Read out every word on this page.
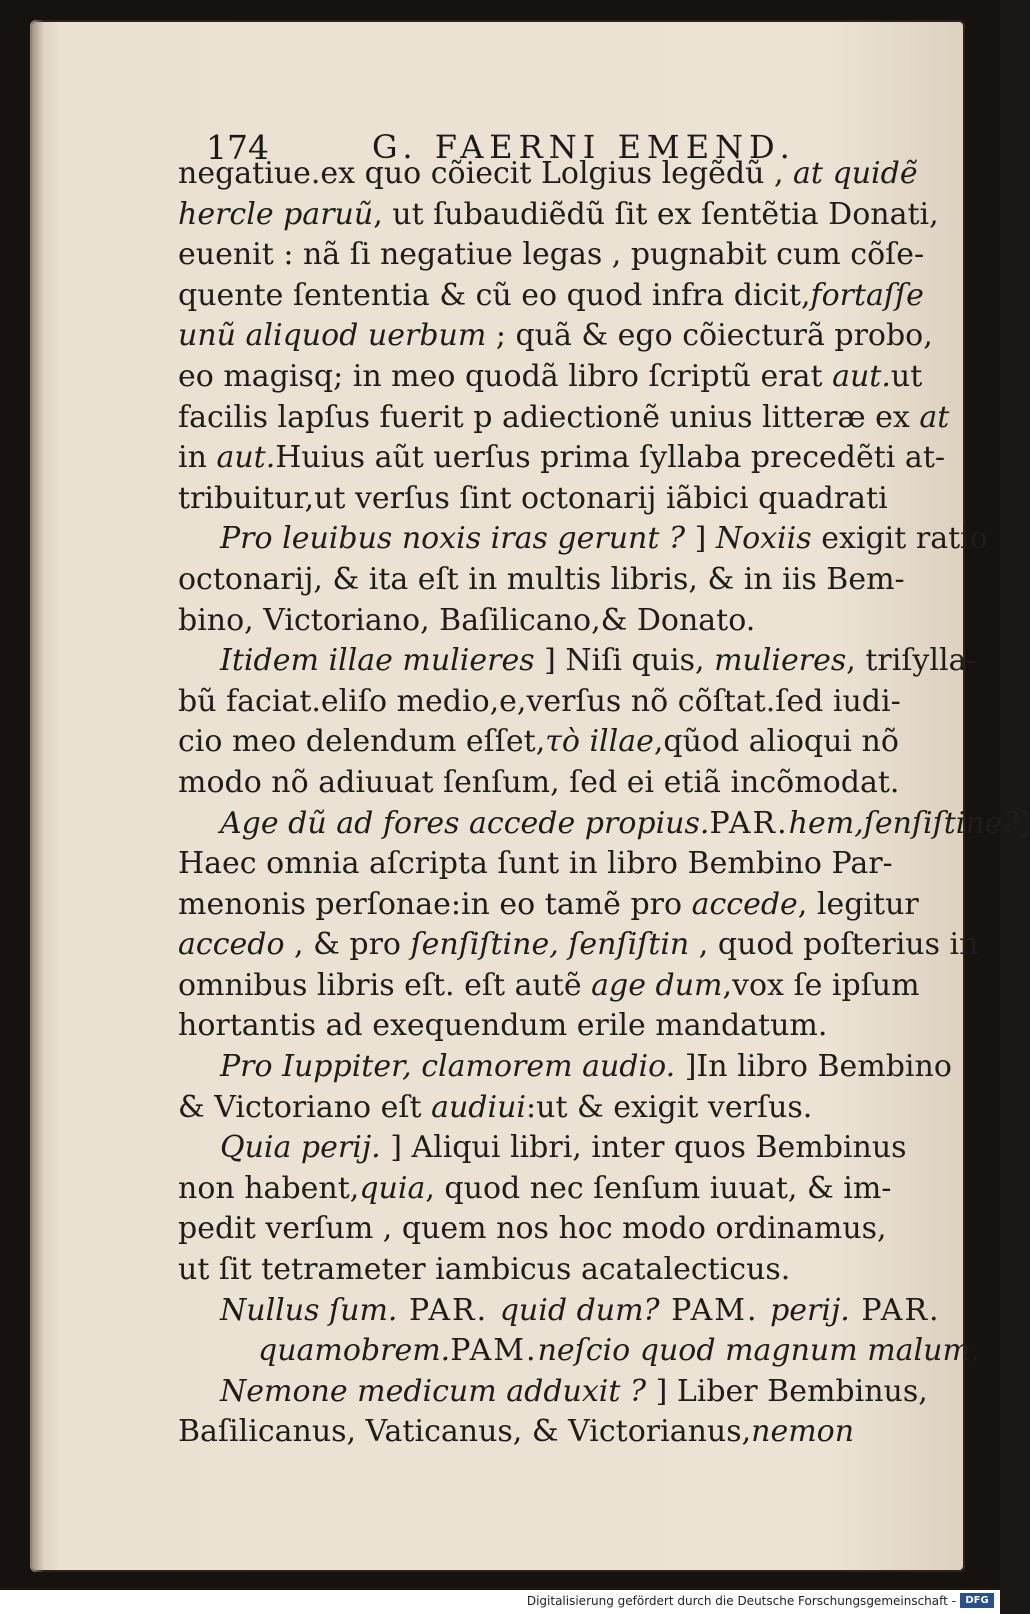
174	G. FAERNI EMEND.
negatiue.ex quo cõiecit Lolgius legẽdũ , at quidẽ
hercle paruũ, ut ſubaudiẽdũ ſit ex ſentẽtia Donati,
euenit : nã ſi negatiue legas , pugnabit cum cõſe-
quente ſententia & cũ eo quod infra dicit,fortaſſe
unũ aliquod uerbum ; quã & ego cõiecturã probo,
eo magisq; in meo quodã libro ſcriptũ erat aut.ut
facilis lapſus fuerit p adiectionẽ unius litteræ ex at
in aut.Huius aũt uerſus prima ſyllaba precedẽti at-
tribuitur,ut verſus ſint octonarij iãbici quadrati
Pro leuibus noxis iras gerunt ? ] Noxiis exigit ratio
octonarij, & ita eſt in multis libris, & in iis Bem-
bino, Victoriano, Baſilicano,& Donato.
Itidem illae mulieres ] Niſi quis, mulieres, triſylla-
bũ faciat.eliſo medio,e,verſus nõ cõſtat.ſed iudi-
cio meo delendum eſſet,τὸ illae,qũod alioqui nõ
modo nõ adiuuat ſenſum, ſed ei etiã incõmodat.
Age dũ ad fores accede propius.PAR.hem,ſenſiſtine?]
Haec omnia aſcripta ſunt in libro Bembino Par-
menonis perſonae:in eo tamẽ pro accede, legitur
accedo , & pro ſenſiſtine, ſenſiſtin , quod poſterius in
omnibus libris eſt. eſt autẽ age dum,vox ſe ipſum
hortantis ad exequendum erile mandatum.
Pro Iuppiter, clamorem audio. ]In libro Bembino
& Victoriano eſt audiui:ut & exigit verſus.
Quia perij. ] Aliqui libri, inter quos Bembinus
non habent,quia, quod nec ſenſum iuuat, & im-
pedit verſum , quem nos hoc modo ordinamus,
ut ſit tetrameter iambicus acatalecticus.
Nullus ſum. PAR. quid dum? PAM. perij. PAR.
quamobrem.PAM.neſcio quod magnum malum.
Nemone medicum adduxit ? ] Liber Bembinus,
Baſilicanus, Vaticanus, & Victorianus,nemon
Digitalisierung gefördert durch die Deutsche Forschungsgemeinschaft - DFG
